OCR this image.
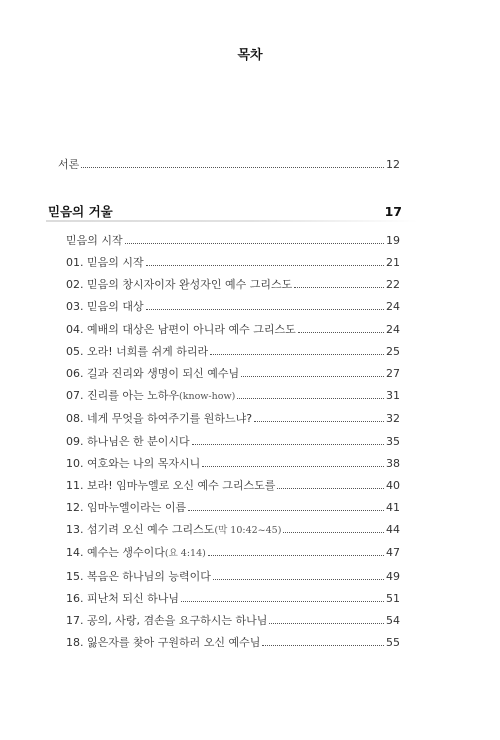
목차
서론	12
믿음의 거울	17
믿음의 시작	19
01. 믿음의 시작	21
02. 믿음의 창시자이자 완성자인 예수 그리스도	22
03. 믿음의 대상	24
04. 예배의 대상은 남편이 아니라 예수 그리스도	24
05. 오라! 너희를 쉬게 하리라	25
06. 길과 진리와 생명이 되신 예수님	27
07. 진리를 아는 노하우 (know-how)	31
08. 네게 무엇을 하여주기를 원하느냐?	32
09. 하나님은 한 분이시다	35
10. 여호와는 나의 목자시니	38
11. 보라! 임마누엘로 오신 예수 그리스도를	40
12. 임마누엘이라는 이름	41
13. 섬기려 오신 예수 그리스도 (막 10:42~45)	44
14. 예수는 생수이다 (요 4:14)	47
15. 복음은 하나님의 능력이다	49
16. 피난처 되신 하나님	51
17. 공의, 사랑, 겸손을 요구하시는 하나님	54
18. 잃은자를 찾아 구원하러 오신 예수님	55
